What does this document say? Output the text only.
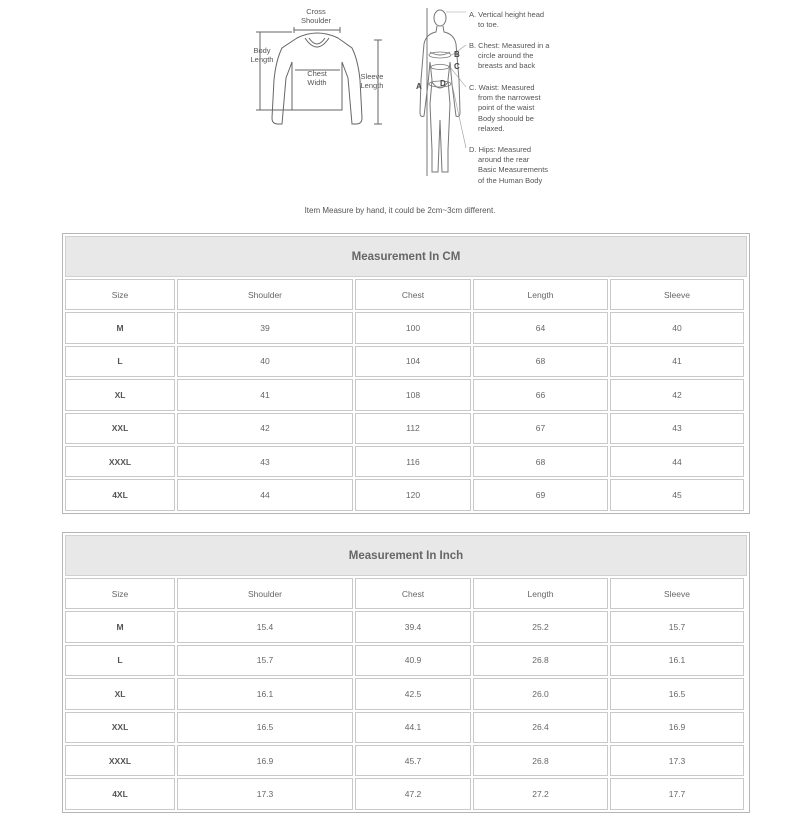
Cross
Shoulder
Body
Length
Chest
Width
Sleeve
Length	A
B
C
D
A. Vertical height head
to toe.
B. Chest: Measured in a
circle around the
breasts and back
C. Waist: Measured
from the narrowest
point of the waist
Body shoould be
relaxed.
D. Hips: Measured
around the rear
Basic Measurements
of the Human Body
Item Measure by hand, it could be 2cm~3cm different.
Measurement In CM
Size	Shoulder	Chest	Length	Sleeve
M	39	100	64	40
L	40	104	68	41
XL	41	108	66	42
XXL	42	112	67	43
XXXL	43	116	68	44
4XL	44	120	69	45
Measurement In Inch
Size	Shoulder	Chest	Length	Sleeve
M	15.4	39.4	25.2	15.7
L	15.7	40.9	26.8	16.1
XL	16.1	42.5	26.0	16.5
XXL	16.5	44.1	26.4	16.9
XXXL	16.9	45.7	26.8	17.3
4XL	17.3	47.2	27.2	17.7
